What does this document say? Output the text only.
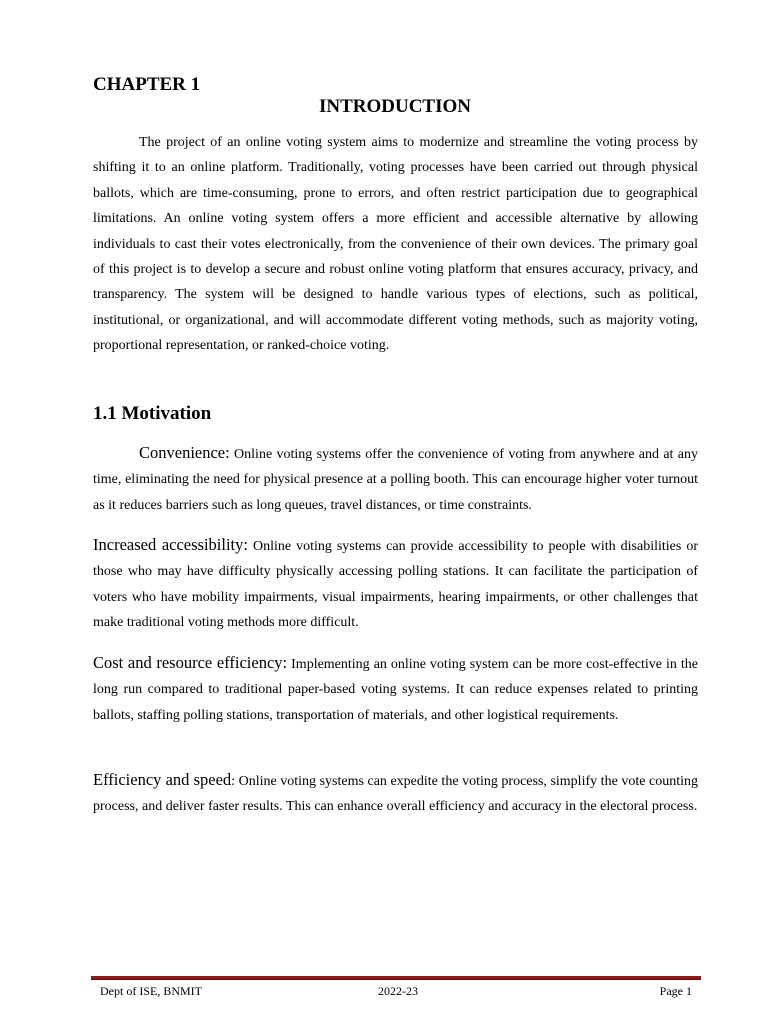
CHAPTER 1
INTRODUCTION

The project of an online voting system aims to modernize and streamline the voting process by shifting it to an online platform. Traditionally, voting processes have been carried out through physical ballots, which are time-consuming, prone to errors, and often restrict participation due to geographical limitations. An online voting system offers a more efficient and accessible alternative by allowing individuals to cast their votes electronically, from the convenience of their own devices. The primary goal of this project is to develop a secure and robust online voting platform that ensures accuracy, privacy, and transparency. The system will be designed to handle various types of elections, such as political, institutional, or organizational, and will accommodate different voting methods, such as majority voting, proportional representation, or ranked-choice voting.

1.1 Motivation

Convenience: Online voting systems offer the convenience of voting from anywhere and at any time, eliminating the need for physical presence at a polling booth. This can encourage higher voter turnout as it reduces barriers such as long queues, travel distances, or time constraints.

Increased accessibility: Online voting systems can provide accessibility to people with disabilities or those who may have difficulty physically accessing polling stations. It can facilitate the participation of voters who have mobility impairments, visual impairments, hearing impairments, or other challenges that make traditional voting methods more difficult.

Cost and resource efficiency: Implementing an online voting system can be more cost-effective in the long run compared to traditional paper-based voting systems. It can reduce expenses related to printing ballots, staffing polling stations, transportation of materials, and other logistical requirements.

Efficiency and speed: Online voting systems can expedite the voting process, simplify the vote counting process, and deliver faster results. This can enhance overall efficiency and accuracy in the electoral process.

Dept of ISE, BNMIT	2022-23	Page 1
